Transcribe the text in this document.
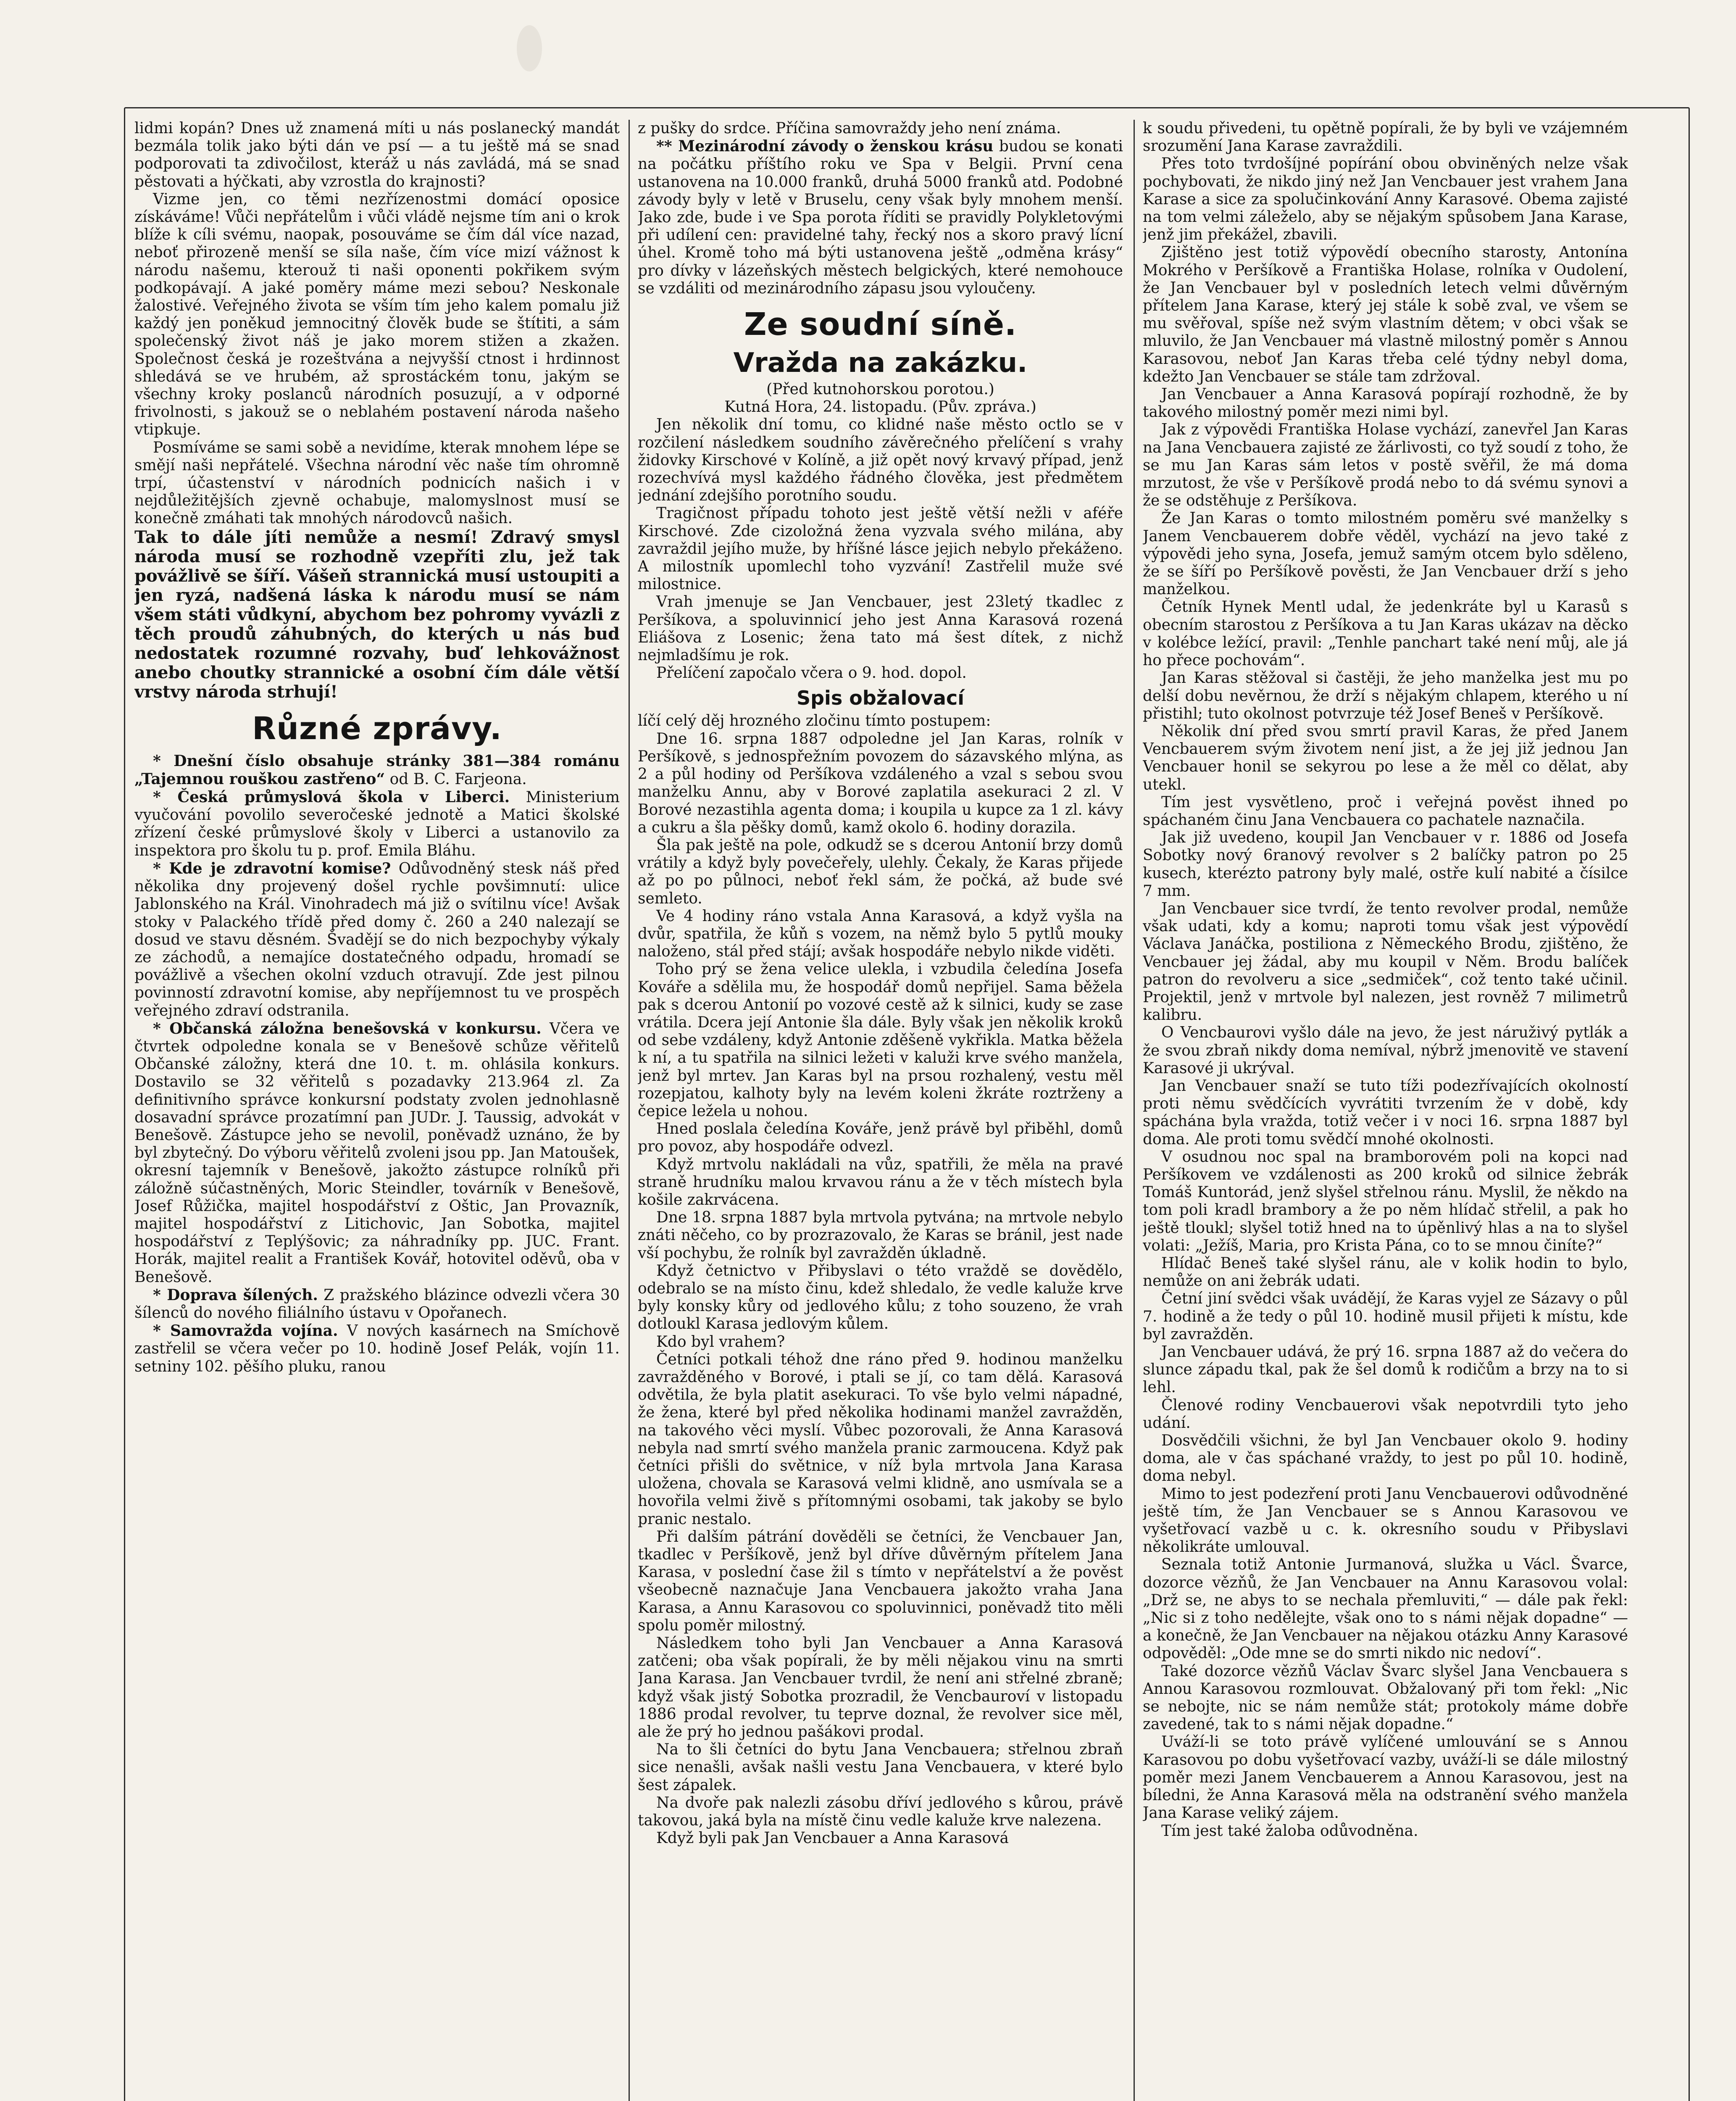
lidmi kopán? Dnes už znamená míti u nás poslanecký mandát bezmála tolik jako býti dán ve psí — a tu ještě má se snad podporovati ta zdivočilost, kteráž u nás zavládá, má se snad pěstovati a hýčkati, aby vzrostla do krajnosti?

Vizme jen, co těmi nezřízenostmi domácí oposice získáváme! Vůči nepřátelům i vůči vládě nejsme tím ani o krok blíže k cíli svému, naopak, posouváme se čím dál více nazad, neboť přirozeně menší se síla naše, čím více mizí vážnost k národu našemu, kterouž ti naši oponenti pokřikem svým podkopávají. A jaké poměry máme mezi sebou? Neskonale žalostivé. Veřejného života se vším tím jeho kalem pomalu již každý jen poněkud jemnocitný člověk bude se štítiti, a sám společenský život náš je jako morem stižen a zkažen. Společnost česká je rozeštvána a nejvyšší ctnost i hrdinnost shledává se ve hrubém, až sprostáckém tonu, jakým se všechny kroky poslanců národních posuzují, a v odporné frivolnosti, s jakouž se o neblahém postavení národa našeho vtipkuje.

Posmíváme se sami sobě a nevidíme, kterak mnohem lépe se smějí naši nepřátelé. Všechna národní věc naše tím ohromně trpí, účastenství v národních podnicích našich i v nejdůležitějších zjevně ochabuje, malomyslnost musí se konečně zmáhati tak mnohých národovců našich.

Tak to dále jíti nemůže a nesmí! Zdravý smysl národa musí se rozhodně vzepříti zlu, jež tak povážlivě se šíří. Vášeň strannická musí ustoupiti a jen ryzá, nadšená láska k národu musí se nám všem státi vůdkyní, abychom bez pohromy vyvázli z těch proudů záhubných, do kterých u nás buď nedostatek rozumné rozvahy, buď lehkovážnost anebo choutky strannické a osobní čím dále větší vrstvy národa strhují!

Různé zprávy.

* Dnešní číslo obsahuje stránky 381—384 románu „Tajemnou rouškou zastřeno“ od B. C. Farjeona.

* Česká průmyslová škola v Liberci. Ministerium vyučování povolilo severočeské jednotě a Matici školské zřízení české průmyslové školy v Liberci a ustanovilo za inspektora pro školu tu p. prof. Emila Bláhu.

* Kde je zdravotní komise? Odůvodněný stesk náš před několika dny projevený došel rychle povšimnutí: ulice Jablonského na Král. Vinohradech má již o svítilnu více! Avšak stoky v Palackého třídě před domy č. 260 a 240 nalezají se dosud ve stavu děsném. Švadějí se do nich bezpochyby výkaly ze záchodů, a nemajíce dostatečného odpadu, hromadí se povážlivě a všechen okolní vzduch otravují. Zde jest pilnou povinností zdravotní komise, aby nepříjemnost tu ve prospěch veřejného zdraví odstranila.

* Občanská záložna benešovská v konkursu. Včera ve čtvrtek odpoledne konala se v Benešově schůze věřitelů Občanské záložny, která dne 10. t. m. ohlásila konkurs. Dostavilo se 32 věřitelů s pozadavky 213.964 zl. Za definitivního správce konkursní podstaty zvolen jednohlasně dosavadní správce prozatímní pan JUDr. J. Taussig, advokát v Benešově. Zástupce jeho se nevolil, poněvadž uznáno, že by byl zbytečný. Do výboru věřitelů zvoleni jsou pp. Jan Matoušek, okresní tajemník v Benešově, jakožto zástupce rolníků při záložně súčastněných, Moric Steindler, továrník v Benešově, Josef Růžička, majitel hospodářství z Oštic, Jan Provazník, majitel hospodářství z Litichovic, Jan Sobotka, majitel hospodářství z Teplýšovic; za náhradníky pp. JUC. Frant. Horák, majitel realit a František Kovář, hotovitel oděvů, oba v Benešově.

* Doprava šílených. Z pražského blázince odvezli včera 30 šílenců do nového filiálního ústavu v Opořanech.

* Samovražda vojína. V nových kasárnech na Smíchově zastřelil se včera večer po 10. hodině Josef Pelák, vojín 11. setniny 102. pěšího pluku, ranou

z pušky do srdce. Příčina samovraždy jeho není známa.

** Mezinárodní závody o ženskou krásu budou se konati na počátku příštího roku ve Spa v Belgii. První cena ustanovena na 10.000 franků, druhá 5000 franků atd. Podobné závody byly v letě v Bruselu, ceny však byly mnohem menší. Jako zde, bude i ve Spa porota říditi se pravidly Polykletovými při udílení cen: pravidelné tahy, řecký nos a skoro pravý lícní úhel. Kromě toho má býti ustanovena ještě „odměna krásy“ pro dívky v lázeňských městech belgických, které nemohouce se vzdáliti od mezinárodního zápasu jsou vyloučeny.

Ze soudní síně.
Vražda na zakázku.

(Před kutnohorskou porotou.)

Kutná Hora, 24. listopadu. (Pův. zpráva.)

Jen několik dní tomu, co klidné naše město octlo se v rozčilení následkem soudního závěrečného přelíčení s vrahy židovky Kirschové v Kolíně, a již opět nový krvavý případ, jenž rozechvívá mysl každého řádného člověka, jest předmětem jednání zdejšího porotního soudu.

Tragičnost případu tohoto jest ještě větší nežli v aféře Kirschové. Zde cizoložná žena vyzvala svého milána, aby zavraždil jejího muže, by hříšné lásce jejich nebylo překáženo. A milostník upomlechl toho vyzvání! Zastřelil muže své milostnice.

Vrah jmenuje se Jan Vencbauer, jest 23letý tkadlec z Peršíkova, a spoluvinnicí jeho jest Anna Karasová rozená Eliášova z Losenic; žena tato má šest dítek, z nichž nejmladšímu je rok.

Přelíčení započalo včera o 9. hod. dopol.

Spis obžalovací

líčí celý děj hrozného zločinu tímto postupem:

Dne 16. srpna 1887 odpoledne jel Jan Karas, rolník v Peršíkově, s jednospřežním povozem do sázavského mlýna, as 2 a půl hodiny od Peršíkova vzdáleného a vzal s sebou svou manželku Annu, aby v Borové zaplatila asekuraci 2 zl. V Borové nezastihla agenta doma; i koupila u kupce za 1 zl. kávy a cukru a šla pěšky domů, kamž okolo 6. hodiny dorazila.

Šla pak ještě na pole, odkudž se s dcerou Antonií brzy domů vrátily a když byly povečeřely, ulehly. Čekaly, že Karas přijede až po po půlnoci, neboť řekl sám, že počká, až bude své semleto.

Ve 4 hodiny ráno vstala Anna Karasová, a když vyšla na dvůr, spatřila, že kůň s vozem, na němž bylo 5 pytlů mouky naloženo, stál před stájí; avšak hospodáře nebylo nikde viděti.

Toho prý se žena velice ulekla, i vzbudila čeledína Josefa Kováře a sdělila mu, že hospodář domů nepřijel. Sama běžela pak s dcerou Antonií po vozové cestě až k silnici, kudy se zase vrátila. Dcera její Antonie šla dále. Byly však jen několik kroků od sebe vzdáleny, když Antonie zděšeně vykřikla. Matka běžela k ní, a tu spatřila na silnici ležeti v kaluži krve svého manžela, jenž byl mrtev. Jan Karas byl na prsou rozhalený, vestu měl rozepjatou, kalhoty byly na levém koleni žkráte roztrženy a čepice ležela u nohou.

Hned poslala čeledína Kováře, jenž právě byl přiběhl, domů pro povoz, aby hospodáře odvezl.

Když mrtvolu nakládali na vůz, spatřili, že měla na pravé straně hrudníku malou krvavou ránu a že v těch místech byla košile zakrvácena.

Dne 18. srpna 1887 byla mrtvola pytvána; na mrtvole nebylo znáti něčeho, co by prozrazovalo, že Karas se bránil, jest nade vší pochybu, že rolník byl zavražděn úkladně.

Když četnictvo v Přibyslavi o této vraždě se dovědělo, odebralo se na místo činu, kdež shledalo, že vedle kaluže krve byly konsky kůry od jedlového kůlu; z toho souzeno, že vrah dotloukl Karasa jedlovým kůlem.

Kdo byl vrahem?

Četníci potkali téhož dne ráno před 9. hodinou manželku zavražděného v Borové, i ptali se jí, co tam dělá. Karasová odvětila, že byla platit asekuraci. To vše bylo velmi nápadné, že žena, které byl před několika hodinami manžel zavražděn, na takového věci myslí. Vůbec pozorovali, že Anna Karasová nebyla nad smrtí svého manžela pranic zarmoucena. Když pak četníci přišli do světnice, v níž byla mrtvola Jana Karasa uložena, chovala se Karasová velmi klidně, ano usmívala se a hovořila velmi živě s přítomnými osobami, tak jakoby se bylo pranic nestalo.

Při dalším pátrání dověděli se četníci, že Vencbauer Jan, tkadlec v Peršíkově, jenž byl dříve důvěrným přítelem Jana Karasa, v poslední čase žil s tímto v nepřátelství a že pověst všeobecně naznačuje Jana Vencbauera jakožto vraha Jana Karasa, a Annu Karasovou co spoluvinnici, poněvadž tito měli spolu poměr milostný.

Následkem toho byli Jan Vencbauer a Anna Karasová zatčeni; oba však popírali, že by měli nějakou vinu na smrti Jana Karasa. Jan Vencbauer tvrdil, že není ani střelné zbraně; když však jistý Sobotka prozradil, že Vencbauroví v listopadu 1886 prodal revolver, tu teprve doznal, že revolver sice měl, ale že prý ho jednou pašákovi prodal.

Na to šli četníci do bytu Jana Vencbauera; střelnou zbraň sice nenašli, avšak našli vestu Jana Vencbauera, v které bylo šest zápalek.

Na dvoře pak nalezli zásobu dříví jedlového s kůrou, právě takovou, jaká byla na místě činu vedle kaluže krve nalezena.

Když byli pak Jan Vencbauer a Anna Karasová

k soudu přivedeni, tu opětně popírali, že by byli ve vzájemném srozumění Jana Karase zavraždili.

Přes toto tvrdošíjné popírání obou obviněných nelze však pochybovati, že nikdo jiný než Jan Vencbauer jest vrahem Jana Karase a sice za spolučinkování Anny Karasové. Obema zajisté na tom velmi záleželo, aby se nějakým spůsobem Jana Karase, jenž jim překážel, zbavili.

Zjištěno jest totiž výpovědí obecního starosty, Antonína Mokrého v Peršíkově a Františka Holase, rolníka v Oudolení, že Jan Vencbauer byl v posledních letech velmi důvěrným přítelem Jana Karase, který jej stále k sobě zval, ve všem se mu svěřoval, spíše než svým vlastním dětem; v obci však se mluvilo, že Jan Vencbauer má vlastně milostný poměr s Annou Karasovou, neboť Jan Karas třeba celé týdny nebyl doma, kdežto Jan Vencbauer se stále tam zdržoval.

Jan Vencbauer a Anna Karasová popírají rozhodně, že by takového milostný poměr mezi nimi byl.

Jak z výpovědi Františka Holase vychází, zanevřel Jan Karas na Jana Vencbauera zajisté ze žárlivosti, co tyž soudí z toho, že se mu Jan Karas sám letos v postě svěřil, že má doma mrzutost, že vše v Peršíkově prodá nebo to dá svému synovi a že se odstěhuje z Peršíkova.

Že Jan Karas o tomto milostném poměru své manželky s Janem Vencbauerem dobře věděl, vychází na jevo také z výpovědi jeho syna, Josefa, jemuž samým otcem bylo sděleno, že se šíří po Peršíkově pověsti, že Jan Vencbauer drží s jeho manželkou.

Četník Hynek Mentl udal, že jedenkráte byl u Karasů s obecním starostou z Peršíkova a tu Jan Karas ukázav na děcko v kolébce ležící, pravil: „Tenhle panchart také není můj, ale já ho přece pochovám“.

Jan Karas stěžoval si častěji, že jeho manželka jest mu po delší dobu nevěrnou, že drží s nějakým chlapem, kterého u ní přistihl; tuto okolnost potvrzuje též Josef Beneš v Peršíkově.

Několik dní před svou smrtí pravil Karas, že před Janem Vencbauerem svým životem není jist, a že jej již jednou Jan Vencbauer honil se sekyrou po lese a že měl co dělat, aby utekl.

Tím jest vysvětleno, proč i veřejná pověst ihned po spáchaném činu Jana Vencbauera co pachatele naznačila.

Jak již uvedeno, koupil Jan Vencbauer v r. 1886 od Josefa Sobotky nový 6ranový revolver s 2 balíčky patron po 25 kusech, kterézto patrony byly malé, ostře kulí nabité a čísilce 7 mm.

Jan Vencbauer sice tvrdí, že tento revolver prodal, nemůže však udati, kdy a komu; naproti tomu však jest výpovědí Václava Janáčka, postiliona z Německého Brodu, zjištěno, že Vencbauer jej žádal, aby mu koupil v Něm. Brodu balíček patron do revolveru a sice „sedmiček“, což tento také učinil. Projektil, jenž v mrtvole byl nalezen, jest rovněž 7 milimetrů kalibru.

O Vencbaurovi vyšlo dále na jevo, že jest náruživý pytlák a že svou zbraň nikdy doma nemíval, nýbrž jmenovitě ve stavení Karasové ji ukrýval.

Jan Vencbauer snaží se tuto tíži podezřívajících okolností proti němu svědčících vyvrátiti tvrzením že v době, kdy spáchána byla vražda, totiž večer i v noci 16. srpna 1887 byl doma. Ale proti tomu svědčí mnohé okolnosti.

V osudnou noc spal na bramborovém poli na kopci nad Peršíkovem ve vzdálenosti as 200 kroků od silnice žebrák Tomáš Kuntorád, jenž slyšel střelnou ránu. Myslil, že někdo na tom poli kradl brambory a že po něm hlídač střelil, a pak ho ještě tloukl; slyšel totiž hned na to úpěnlivý hlas a na to slyšel volati: „Ježíš, Maria, pro Krista Pána, co to se mnou činíte?“

Hlídač Beneš také slyšel ránu, ale v kolik hodin to bylo, nemůže on ani žebrák udati.

Četní jiní svědci však uvádějí, že Karas vyjel ze Sázavy o půl 7. hodině a že tedy o půl 10. hodině musil přijeti k místu, kde byl zavražděn.

Jan Vencbauer udává, že prý 16. srpna 1887 až do večera do slunce západu tkal, pak že šel domů k rodičům a brzy na to si lehl.

Členové rodiny Vencbauerovi však nepotvrdili tyto jeho udání.

Dosvědčili všichni, že byl Jan Vencbauer okolo 9. hodiny doma, ale v čas spáchané vraždy, to jest po půl 10. hodině, doma nebyl.

Mimo to jest podezření proti Janu Vencbauerovi odůvodněné ještě tím, že Jan Vencbauer se s Annou Karasovou ve vyšetřovací vazbě u c. k. okresního soudu v Přibyslavi několikráte umlouval.

Seznala totiž Antonie Jurmanová, služka u Václ. Švarce, dozorce vězňů, že Jan Vencbauer na Annu Karasovou volal: „Drž se, ne abys to se nechala přemluviti,“ — dále pak řekl: „Nic si z toho nedělejte, však ono to s námi nějak dopadne“ — a konečně, že Jan Vencbauer na nějakou otázku Anny Karasové odpověděl: „Ode mne se do smrti nikdo nic nedoví“.

Také dozorce vězňů Václav Švarc slyšel Jana Vencbauera s Annou Karasovou rozmlouvat. Obžalovaný při tom řekl: „Nic se nebojte, nic se nám nemůže stát; protokoly máme dobře zavedené, tak to s námi nějak dopadne.“

Uváží-li se toto právě vylíčené umlouvání se s Annou Karasovou po dobu vyšetřovací vazby, uváží-li se dále milostný poměr mezi Janem Vencbauerem a Annou Karasovou, jest na bíledni, že Anna Karasová měla na odstranění svého manžela Jana Karase veliký zájem.

Tím jest také žaloba odůvodněna.
